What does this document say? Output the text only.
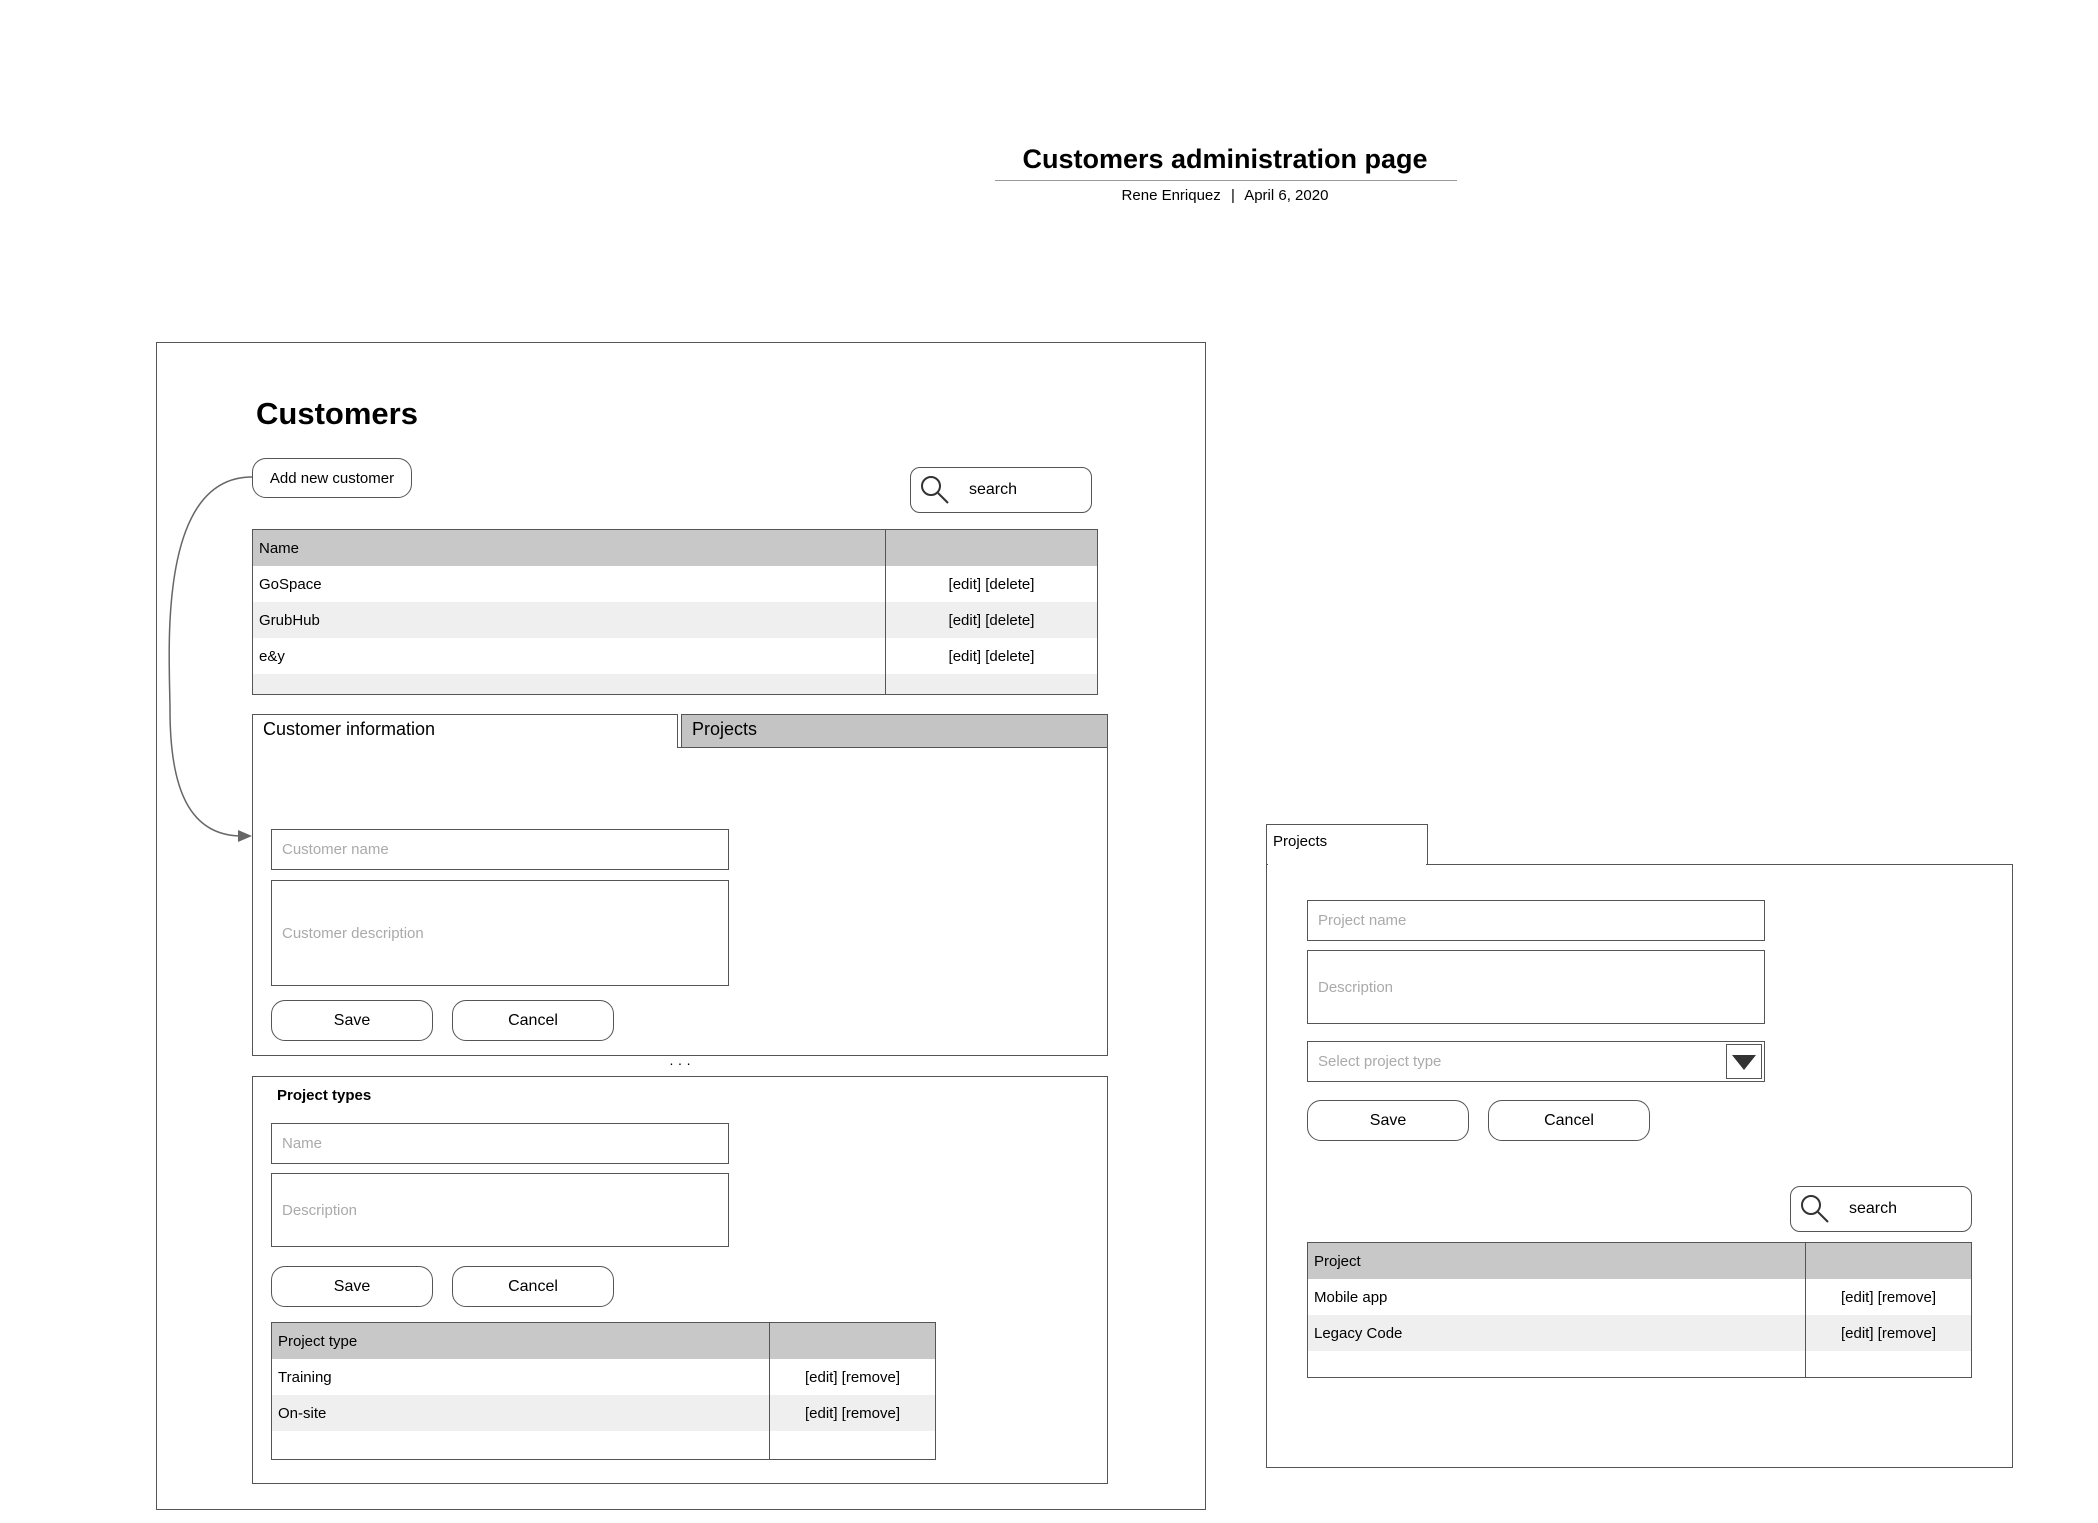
Customers administration page
Rene Enriquez | April 6, 2020
Customers
Add new customer
search
Name	
GoSpace	[edit] [delete]
GrubHub	[edit] [delete]
e&y	[edit] [delete]

Customer information	Projects
Customer name
Customer description
Save	Cancel
· · ·
Project types
Name
Description
Save	Cancel
Project type	
Training	[edit] [remove]
On-site	[edit] [remove]

Projects
Project name
Description
Select project type
Save	Cancel
search
Project	
Mobile app	[edit] [remove]
Legacy Code	[edit] [remove]
